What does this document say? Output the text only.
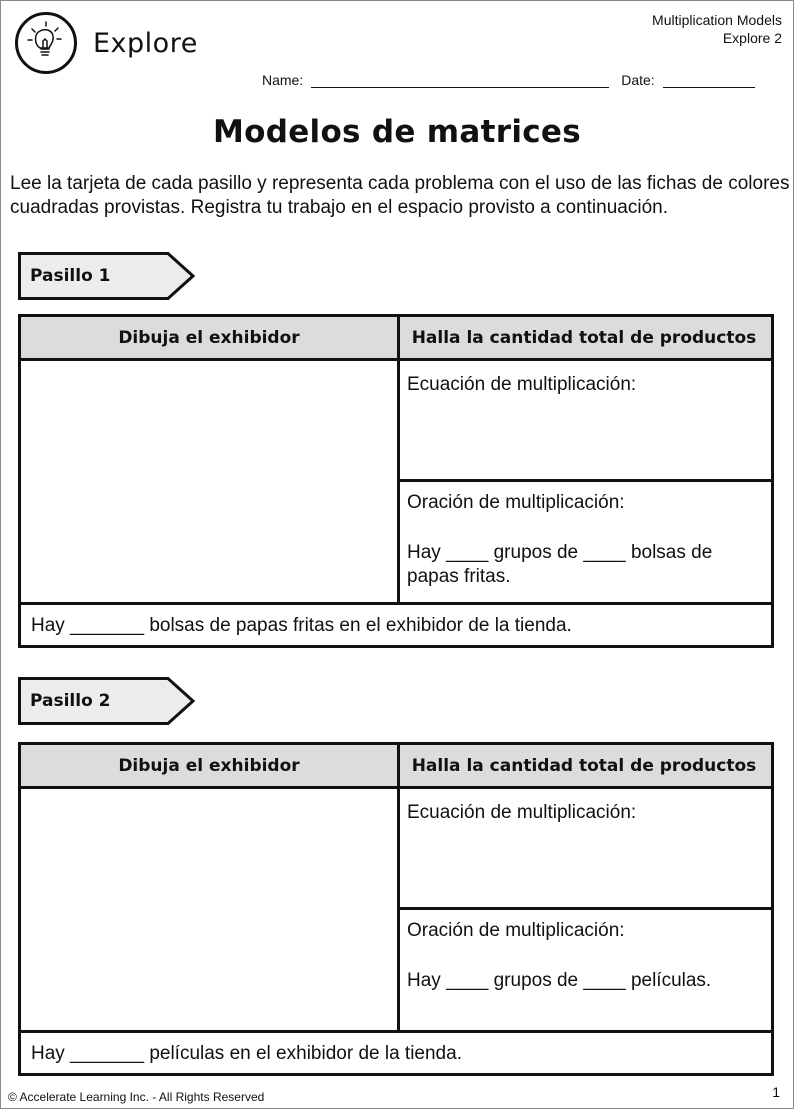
Explore
Multiplication Models
Explore 2
Name:	Date:
Modelos de matrices
Lee la tarjeta de cada pasillo y representa cada problema con el uso de las fichas de colores cuadradas provistas. Registra tu trabajo en el espacio provisto a continuación.
Pasillo 1
Dibuja el exhibidor	Halla la cantidad total de productos
Ecuación de multiplicación:
Oración de multiplicación:
Hay ____ grupos de ____ bolsas de papas fritas.
Hay _______ bolsas de papas fritas en el exhibidor de la tienda.
Pasillo 2
Dibuja el exhibidor	Halla la cantidad total de productos
Ecuación de multiplicación:
Oración de multiplicación:
Hay ____ grupos de ____ películas.
Hay _______ películas en el exhibidor de la tienda.
© Accelerate Learning Inc. - All Rights Reserved	1
